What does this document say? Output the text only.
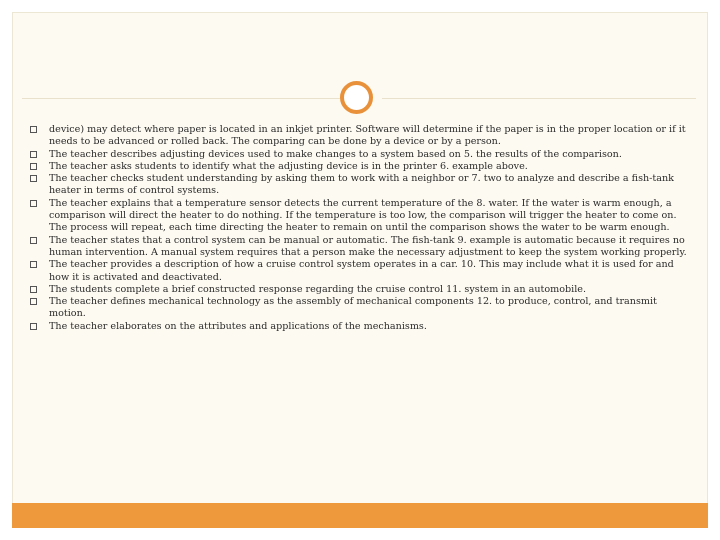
device) may detect where paper is located in an inkjet printer. Software will determine if the paper is in the proper location or if it needs to be advanced or rolled back. The comparing can be done by a device or by a person.
The teacher describes adjusting devices used to make changes to a system based on 5. the results of the comparison.
The teacher asks students to identify what the adjusting device is in the printer 6. example above.
The teacher checks student understanding by asking them to work with a neighbor or 7. two to analyze and describe a fish-tank heater in terms of control systems.
The teacher explains that a temperature sensor detects the current temperature of the 8. water. If the water is warm enough, a comparison will direct the heater to do nothing. If the temperature is too low, the comparison will trigger the heater to come on. The process will repeat, each time directing the heater to remain on until the comparison shows the water to be warm enough.
The teacher states that a control system can be manual or automatic. The fish-tank 9. example is automatic because it requires no human intervention. A manual system requires that a person make the necessary adjustment to keep the system working properly.
The teacher provides a description of how a cruise control system operates in a car. 10. This may include what it is used for and how it is activated and deactivated.
The students complete a brief constructed response regarding the cruise control 11. system in an automobile.
The teacher defines mechanical technology as the assembly of mechanical components 12. to produce, control, and transmit motion.
The teacher elaborates on the attributes and applications of the mechanisms.
